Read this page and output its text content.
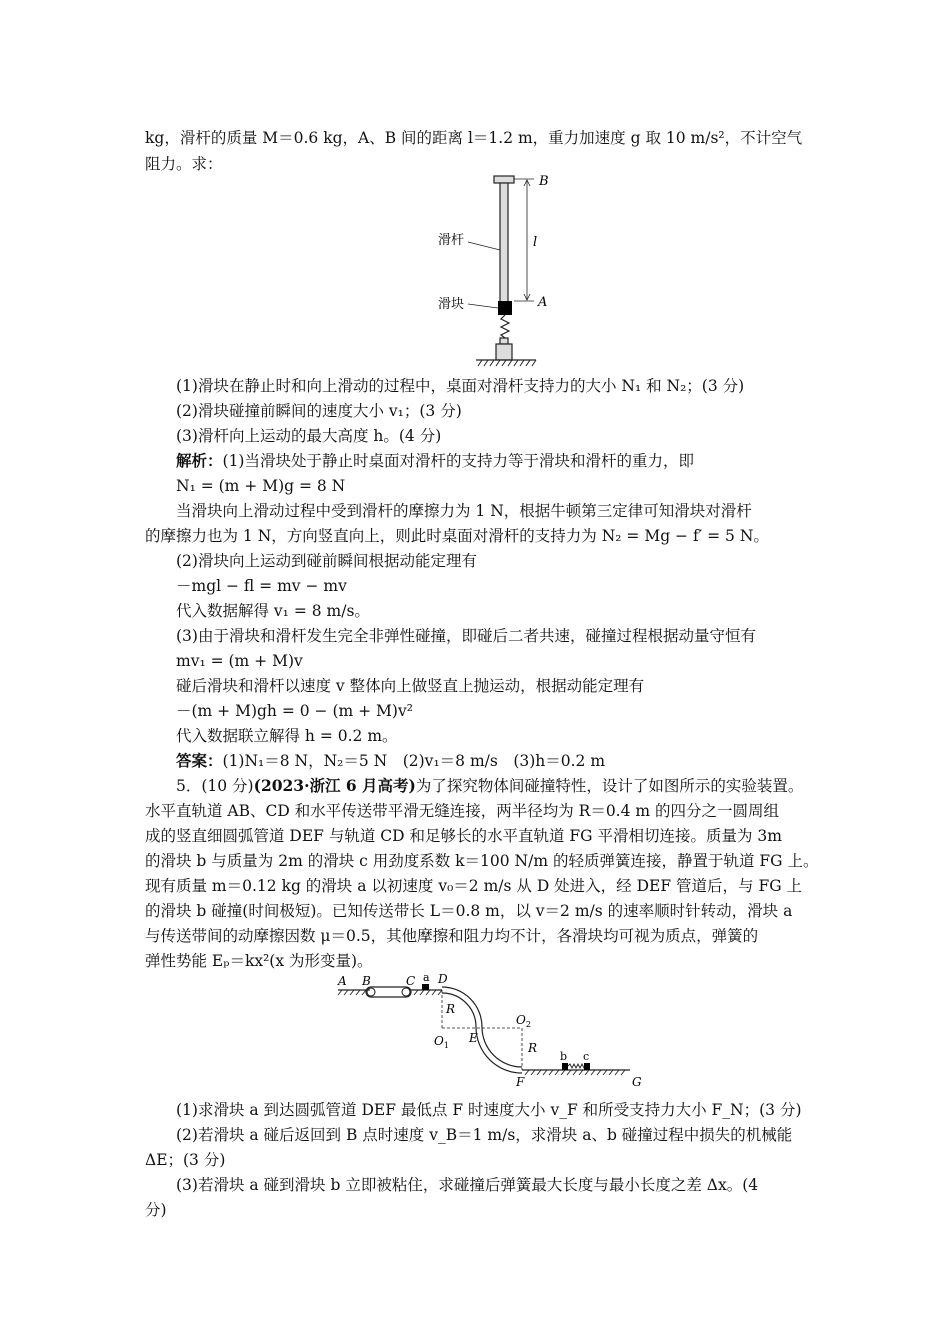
kg，滑杆的质量 M＝0.6 kg，A、B 间的距离 l＝1.2 m，重力加速度 g 取 10 m/s²，不计空气
阻力。求：
B
l
A
滑杆
滑块
(1)滑块在静止时和向上滑动的过程中，桌面对滑杆支持力的大小 N₁ 和 N₂；(3 分)
(2)滑块碰撞前瞬间的速度大小 v₁；(3 分)
(3)滑杆向上运动的最大高度 h。(4 分)
解析：(1)当滑块处于静止时桌面对滑杆的支持力等于滑块和滑杆的重力，即
N₁ = (m + M)g = 8 N
当滑块向上滑动过程中受到滑杆的摩擦力为 1 N，根据牛顿第三定律可知滑块对滑杆
的摩擦力也为 1 N，方向竖直向上，则此时桌面对滑杆的支持力为 N₂ = Mg − f′ = 5 N。
(2)滑块向上运动到碰前瞬间根据动能定理有
－mgl − fl = mv − mv
代入数据解得 v₁ = 8 m/s。
(3)由于滑块和滑杆发生完全非弹性碰撞，即碰后二者共速，碰撞过程根据动量守恒有
mv₁ = (m + M)v
碰后滑块和滑杆以速度 v 整体向上做竖直上抛运动，根据动能定理有
－(m + M)gh = 0 − (m + M)v²
代入数据联立解得 h = 0.2 m。
答案：(1)N₁＝8 N，N₂＝5 N　(2)v₁＝8 m/s　(3)h＝0.2 m
5．(10 分)(2023·浙江 6 月高考)为了探究物体间碰撞特性，设计了如图所示的实验装置。
水平直轨道 AB、CD 和水平传送带平滑无缝连接，两半径均为 R＝0.4 m 的四分之一圆周组
成的竖直细圆弧管道 DEF 与轨道 CD 和足够长的水平直轨道 FG 平滑相切连接。质量为 3m
的滑块 b 与质量为 2m 的滑块 c 用劲度系数 k＝100 N/m 的轻质弹簧连接，静置于轨道 FG 上。
现有质量 m＝0.12 kg 的滑块 a 以初速度 v₀＝2 m/s 从 D 处进入，经 DEF 管道后，与 FG 上
的滑块 b 碰撞(时间极短)。已知传送带长 L＝0.8 m，以 v＝2 m/s 的速率顺时针转动，滑块 a
与传送带间的动摩擦因数 μ＝0.5，其他摩擦和阻力均不计，各滑块均可视为质点，弹簧的
弹性势能 Eₚ＝kx²(x 为形变量)。
A B	C a D
R
$O_1$
E
$O_2$
R
F	G
b c
(1)求滑块 a 到达圆弧管道 DEF 最低点 F 时速度大小 v_F 和所受支持力大小 F_N；(3 分)
(2)若滑块 a 碰后返回到 B 点时速度 v_B＝1 m/s，求滑块 a、b 碰撞过程中损失的机械能
ΔE；(3 分)
(3)若滑块 a 碰到滑块 b 立即被粘住，求碰撞后弹簧最大长度与最小长度之差 Δx。(4
分)
